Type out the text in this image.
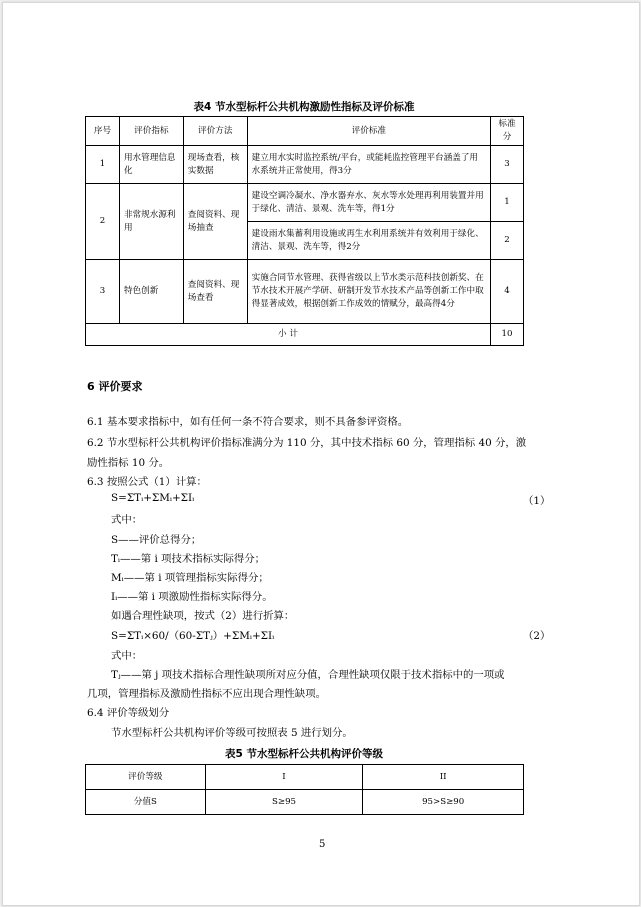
表4 节水型标杆公共机构激励性指标及评价标准
序号	评价指标	评价方法	评价标准	标准分
1	用水管理信息化	现场查看，核实数据	建立用水实时监控系统/平台，或能耗监控管理平台涵盖了用水系统并正常使用，得3分	3
2	非常规水源利用	查阅资料、现场抽查	建设空调冷凝水、净水器弃水、灰水等水处理再利用装置并用于绿化、清洁、景观、洗车等，得1分	1
			建设雨水集蓄利用设施或再生水利用系统并有效利用于绿化、清洁、景观、洗车等，得2分	2
3	特色创新	查阅资料、现场查看	实施合同节水管理、获得省级以上节水类示范科技创新奖、在节水技术开展产学研、研制开发节水技术产品等创新工作中取得显著成效，根据创新工作成效的情赋分，最高得4分	4
小 计				10
6 评价要求
6.1 基本要求指标中，如有任何一条不符合要求，则不具备参评资格。
6.2 节水型标杆公共机构评价指标准满分为 110 分，其中技术指标 60 分，管理指标 40 分，激
励性指标 10 分。
6.3 按照公式（1）计算：
S=ΣTᵢ+ΣMᵢ+ΣIᵢ	（1）
式中：
S——评价总得分；
Tᵢ——第 i 项技术指标实际得分；
Mᵢ——第 i 项管理指标实际得分；
Iᵢ——第 i 项激励性指标实际得分。
如遇合理性缺项，按式（2）进行折算：
S=ΣTᵢ×60/（60-ΣTⱼ）+ΣMᵢ+ΣIᵢ	（2）
式中：
Tⱼ——第 j 项技术指标合理性缺项所对应分值，合理性缺项仅限于技术指标中的一项或
几项，管理指标及激励性指标不应出现合理性缺项。
6.4 评价等级划分
节水型标杆公共机构评价等级可按照表 5 进行划分。
表5 节水型标杆公共机构评价等级
评价等级	I	II
分值S	S≥95	95>S≥90
5
